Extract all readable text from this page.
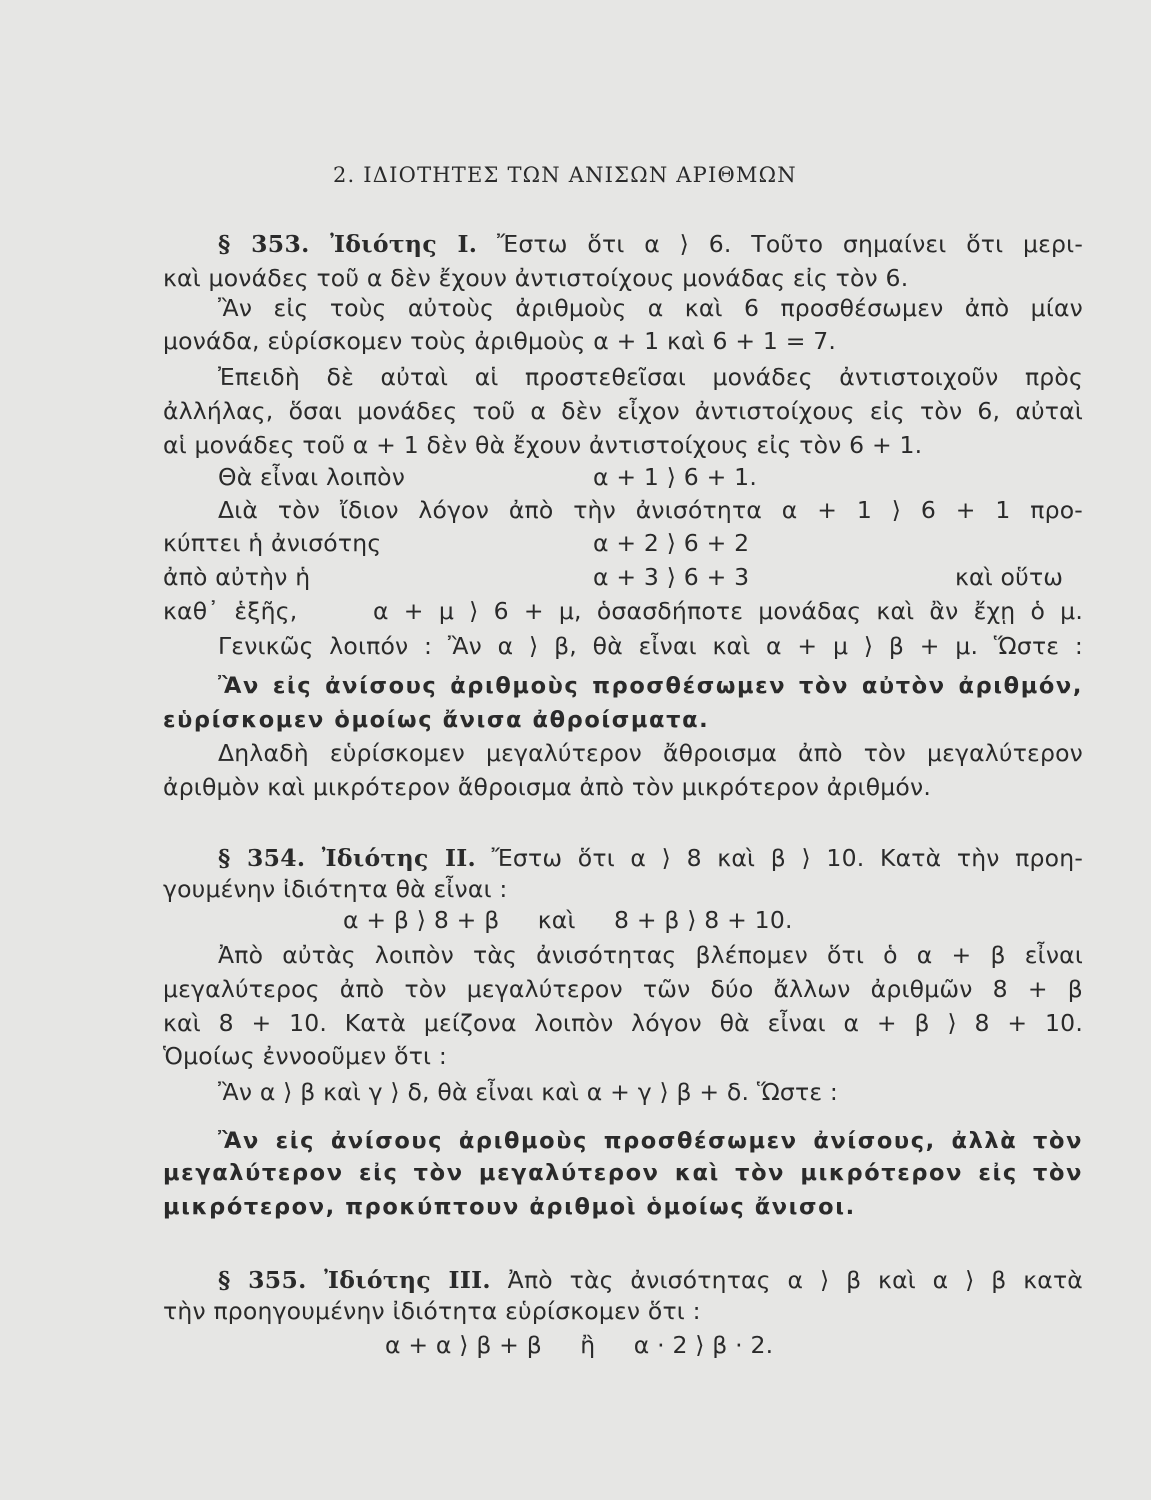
2. ΙΔΙΟΤΗΤΕΣ ΤΩΝ ΑΝΙΣΩΝ ΑΡΙΘΜΩΝ
§ 353. Ἰδιότης I. Ἔστω ὅτι α ⟩ 6. Τοῦτο σημαίνει ὅτι μερι-
καὶ μονάδες τοῦ α δὲν ἔχουν ἀντιστοίχους μονάδας εἰς τὸν 6.
Ἂν εἰς τοὺς αὐτοὺς ἀριθμοὺς α καὶ 6 προσθέσωμεν ἀπὸ μίαν
μονάδα, εὑρίσκομεν τοὺς ἀριθμοὺς α + 1 καὶ 6 + 1 = 7.
Ἐπειδὴ δὲ αὐταὶ αἱ προστεθεῖσαι μονάδες ἀντιστοιχοῦν πρὸς
ἀλλήλας, ὅσαι μονάδες τοῦ α δὲν εἶχον ἀντιστοίχους εἰς τὸν 6, αὐταὶ
αἱ μονάδες τοῦ α + 1 δὲν θὰ ἔχουν ἀντιστοίχους εἰς τὸν 6 + 1.
Θὰ εἶναι λοιπὸν	α + 1 ⟩ 6 + 1.
Διὰ τὸν ἴδιον λόγον ἀπὸ τὴν ἀνισότητα α + 1 ⟩ 6 + 1 προ-
κύπτει ἡ ἀνισότης	α + 2 ⟩ 6 + 2
ἀπὸ αὐτὴν ἡ	α + 3 ⟩ 6 + 3	καὶ οὕτω
καθ᾽ ἑξῆς,     α + μ ⟩ 6 + μ, ὁσασδήποτε μονάδας καὶ ἂν ἔχῃ ὁ μ.
Γενικῶς λοιπόν : Ἂν α ⟩ β, θὰ εἶναι καὶ α + μ ⟩ β + μ. Ὥστε :
Ἂν εἰς ἀνίσους ἀριθμοὺς προσθέσωμεν τὸν αὐτὸν ἀριθμόν,
εὑρίσκομεν ὁμοίως ἄνισα ἀθροίσματα.
Δηλαδὴ εὑρίσκομεν μεγαλύτερον ἄθροισμα ἀπὸ τὸν μεγαλύτερον
ἀριθμὸν καὶ μικρότερον ἄθροισμα ἀπὸ τὸν μικρότερον ἀριθμόν.
§ 354. Ἰδιότης II. Ἔστω ὅτι α ⟩ 8 καὶ β ⟩ 10. Κατὰ τὴν προη-
γουμένην ἰδιότητα θὰ εἶναι :
α + β ⟩ 8 + β     καὶ     8 + β ⟩ 8 + 10.
Ἀπὸ αὐτὰς λοιπὸν τὰς ἀνισότητας βλέπομεν ὅτι ὁ α + β εἶναι
μεγαλύτερος ἀπὸ τὸν μεγαλύτερον τῶν δύο ἄλλων ἀριθμῶν 8 + β
καὶ 8 + 10. Κατὰ μείζονα λοιπὸν λόγον θὰ εἶναι α + β ⟩ 8 + 10.
Ὁμοίως ἐννοοῦμεν ὅτι :
Ἂν α ⟩ β καὶ γ ⟩ δ, θὰ εἶναι καὶ α + γ ⟩ β + δ. Ὥστε :
Ἂν εἰς ἀνίσους ἀριθμοὺς προσθέσωμεν ἀνίσους, ἀλλὰ τὸν
μεγαλύτερον εἰς τὸν μεγαλύτερον καὶ τὸν μικρότερον εἰς τὸν
μικρότερον, προκύπτουν ἀριθμοὶ ὁμοίως ἄνισοι.
§ 355. Ἰδιότης III. Ἀπὸ τὰς ἀνισότητας α ⟩ β καὶ α ⟩ β κατὰ
τὴν προηγουμένην ἰδιότητα εὑρίσκομεν ὅτι :
α + α ⟩ β + β     ἢ     α · 2 ⟩ β · 2.
